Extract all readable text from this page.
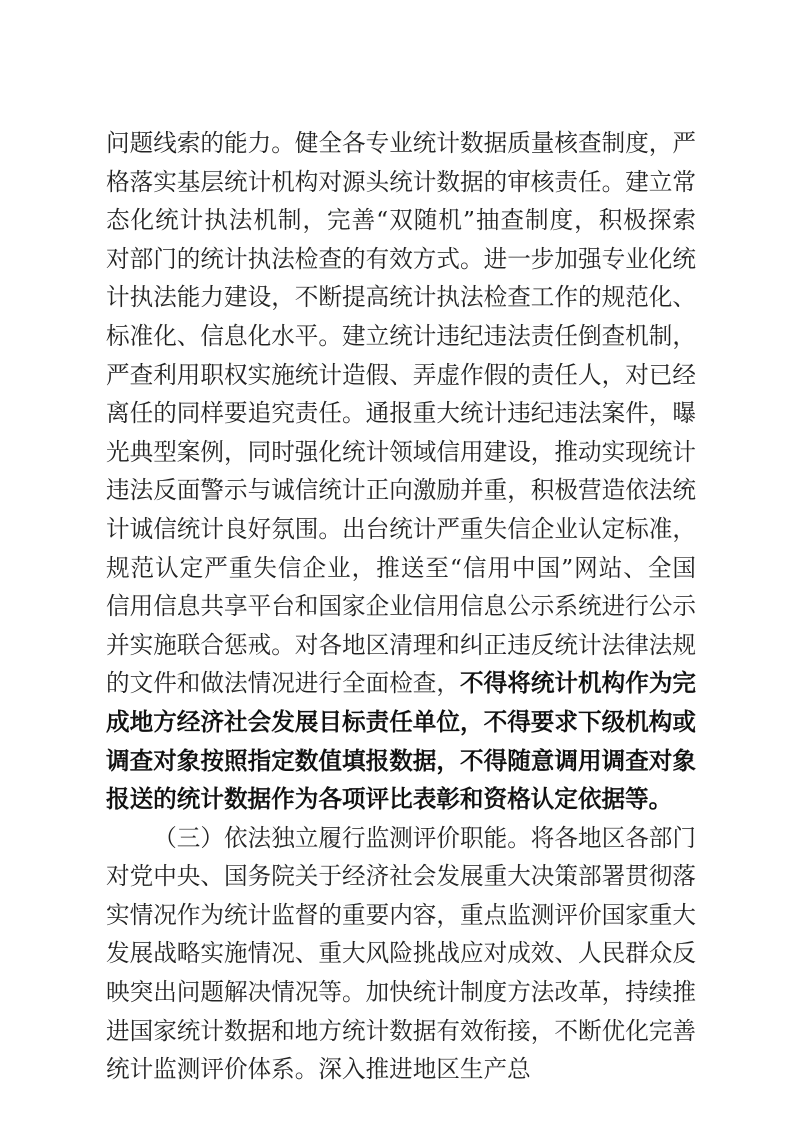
问题线索的能力。健全各专业统计数据质量核查制度，严格落实基层统计机构对源头统计数据的审核责任。建立常态化统计执法机制，完善“双随机”抽查制度，积极探索对部门的统计执法检查的有效方式。进一步加强专业化统计执法能力建设，不断提高统计执法检查工作的规范化、标准化、信息化水平。建立统计违纪违法责任倒查机制，严查利用职权实施统计造假、弄虚作假的责任人，对已经离任的同样要追究责任。通报重大统计违纪违法案件，曝光典型案例，同时强化统计领域信用建设，推动实现统计违法反面警示与诚信统计正向激励并重，积极营造依法统计诚信统计良好氛围。出台统计严重失信企业认定标准，规范认定严重失信企业，推送至“信用中国”网站、全国信用信息共享平台和国家企业信用信息公示系统进行公示并实施联合惩戒。对各地区清理和纠正违反统计法律法规的文件和做法情况进行全面检查，不得将统计机构作为完成地方经济社会发展目标责任单位，不得要求下级机构或调查对象按照指定数值填报数据，不得随意调用调查对象报送的统计数据作为各项评比表彰和资格认定依据等。

（三）依法独立履行监测评价职能。将各地区各部门对党中央、国务院关于经济社会发展重大决策部署贯彻落实情况作为统计监督的重要内容，重点监测评价国家重大发展战略实施情况、重大风险挑战应对成效、人民群众反映突出问题解决情况等。加快统计制度方法改革，持续推进国家统计数据和地方统计数据有效衔接，不断优化完善统计监测评价体系。深入推进地区生产总
